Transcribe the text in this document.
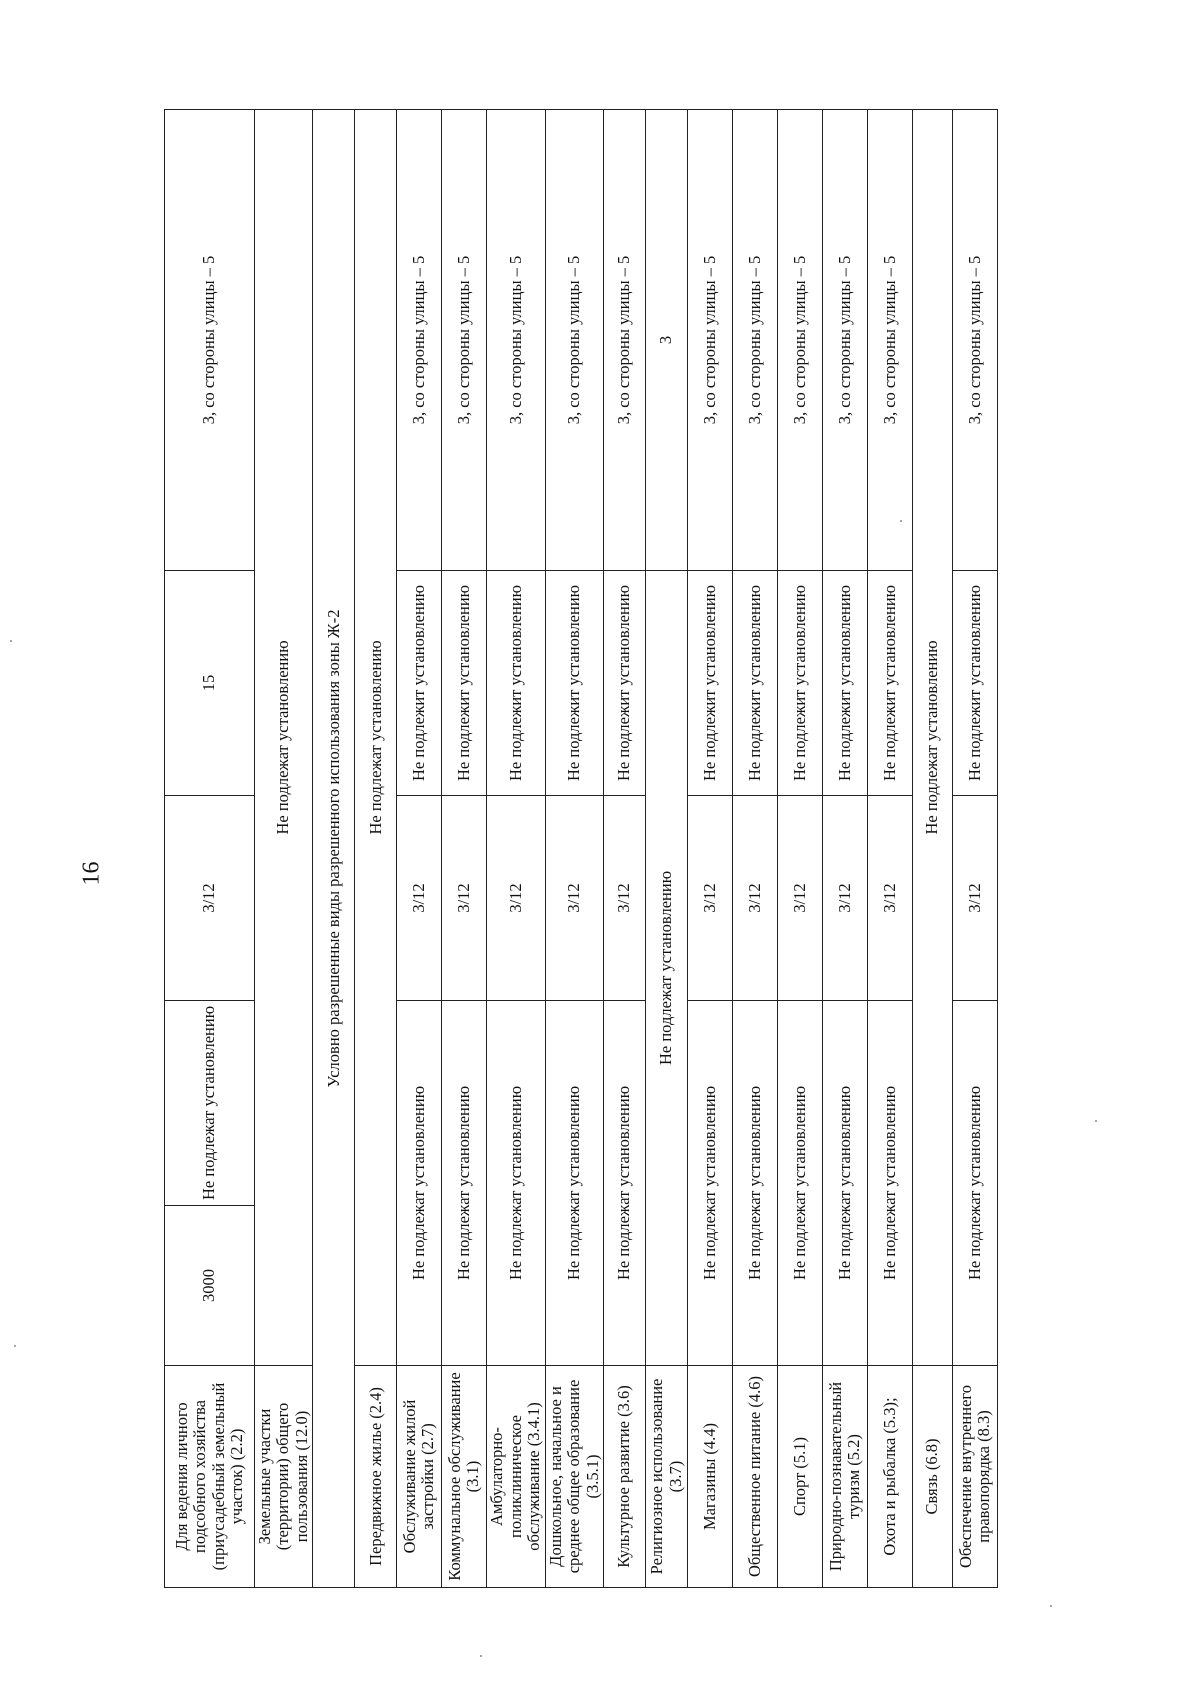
16
Для ведения личного подсобного хозяйства (приусадебный земельный участок) (2.2)	3000	Не подлежат установлению	3/12	15	3, со стороны улицы – 5
Земельные участки (территории) общего пользования (12.0)	Не подлежат установлению				
Условно разрешенные виды разрешенного использования зоны Ж-2					
Передвижное жилье (2.4)	Не подлежат установлению				
Обслуживание жилой застройки (2.7)	Не подлежат установлению		3/12	Не подлежит установлению	3, со стороны улицы – 5
Коммунальное обслуживание (3.1)	Не подлежат установлению		3/12	Не подлежит установлению	3, со стороны улицы – 5
Амбулаторно-поликлиническое обслуживание (3.4.1)	Не подлежат установлению		3/12	Не подлежит установлению	3, со стороны улицы – 5
Дошкольное, начальное и среднее общее образование (3.5.1)	Не подлежат установлению		3/12	Не подлежит установлению	3, со стороны улицы – 5
Культурное развитие (3.6)	Не подлежат установлению		3/12	Не подлежит установлению	3, со стороны улицы – 5
Религиозное использование (3.7)	Не подлежат установлению				3
Магазины (4.4)	Не подлежат установлению		3/12	Не подлежит установлению	3, со стороны улицы – 5
Общественное питание (4.6)	Не подлежат установлению		3/12	Не подлежит установлению	3, со стороны улицы – 5
Спорт (5.1)	Не подлежат установлению		3/12	Не подлежит установлению	3, со стороны улицы – 5
Природно-познавательный туризм (5.2)	Не подлежат установлению		3/12	Не подлежит установлению	3, со стороны улицы – 5
Охота и рыбалка (5.3);	Не подлежат установлению		3/12	Не подлежит установлению	3, со стороны улицы – 5
Связь (6.8)	Не подлежат установлению				
Обеспечение внутреннего правопорядка (8.3)	Не подлежат установлению		3/12	Не подлежит установлению	3, со стороны улицы – 5
